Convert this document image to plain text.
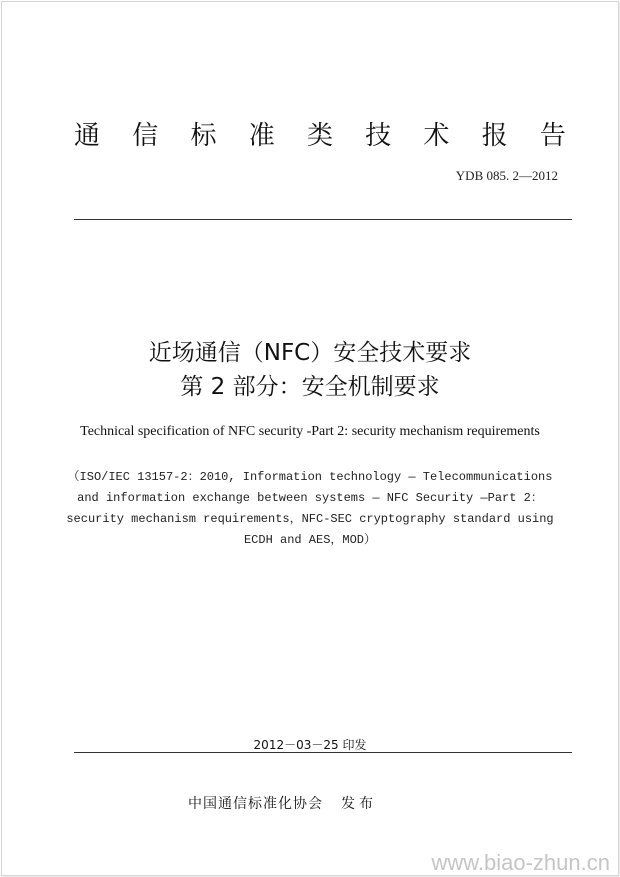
通 信 标 准 类 技 术 报 告
YDB 085. 2—2012
近场通信（NFC）安全技术要求
第 2 部分：安全机制要求
Technical specification of NFC security -Part 2: security mechanism requirements
（ISO/IEC 13157-2：2010, Information technology — Telecommunications
and information exchange between systems — NFC Security —Part 2：
security mechanism requirements，NFC-SEC cryptography standard using
ECDH and AES，MOD）
2012－03－25 印发
中国通信标准化协会 发布
www.biao-zhun.cn
